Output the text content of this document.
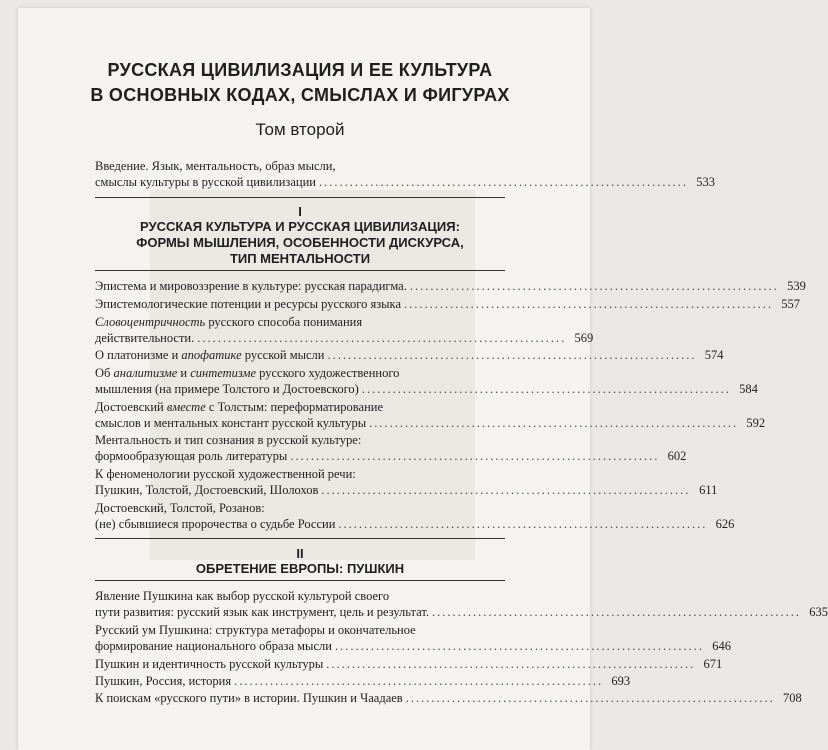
РУССКАЯ ЦИВИЛИЗАЦИЯ И ЕЕ КУЛЬТУРА
В ОСНОВНЫХ КОДАХ, СМЫСЛАХ И ФИГУРАХ
Том второй
Введение. Язык, ментальность, образ мысли,
смыслы культуры в русской цивилизации ........................................................................ 533
I
РУССКАЯ КУЛЬТУРА И РУССКАЯ ЦИВИЛИЗАЦИЯ:
ФОРМЫ МЫШЛЕНИЯ, ОСОБЕННОСТИ ДИСКУРСА,
ТИП МЕНТАЛЬНОСТИ
Эпистема и мировоззрение в культуре: русская парадигма. ........................................................................ 539
Эпистемологические потенции и ресурсы русского языка ........................................................................ 557
Словоцентричность русского способа понимания
действительности. ........................................................................ 569
О платонизме и апофатике русской мысли ........................................................................ 574
Об аналитизме и синтетизме русского художественного
мышления (на примере Толстого и Достоевского) ........................................................................ 584
Достоевский вместе с Толстым: переформатирование
смыслов и ментальных констант русской культуры ........................................................................ 592
Ментальность и тип сознания в русской культуре:
формообразующая роль литературы ........................................................................ 602
К феноменологии русской художественной речи:
Пушкин, Толстой, Достоевский, Шолохов ........................................................................ 611
Достоевский, Толстой, Розанов:
(не) сбывшиеся пророчества о судьбе России ........................................................................ 626
II
ОБРЕТЕНИЕ ЕВРОПЫ: ПУШКИН
Явление Пушкина как выбор русской культурой своего
пути развития: русский язык как инструмент, цель и результат. ........................................................................ 635
Русский ум Пушкина: структура метафоры и окончательное
формирование национального образа мысли ........................................................................ 646
Пушкин и идентичность русской культуры ........................................................................ 671
Пушкин, Россия, история ........................................................................ 693
К поискам «русского пути» в истории. Пушкин и Чаадаев ........................................................................ 708
